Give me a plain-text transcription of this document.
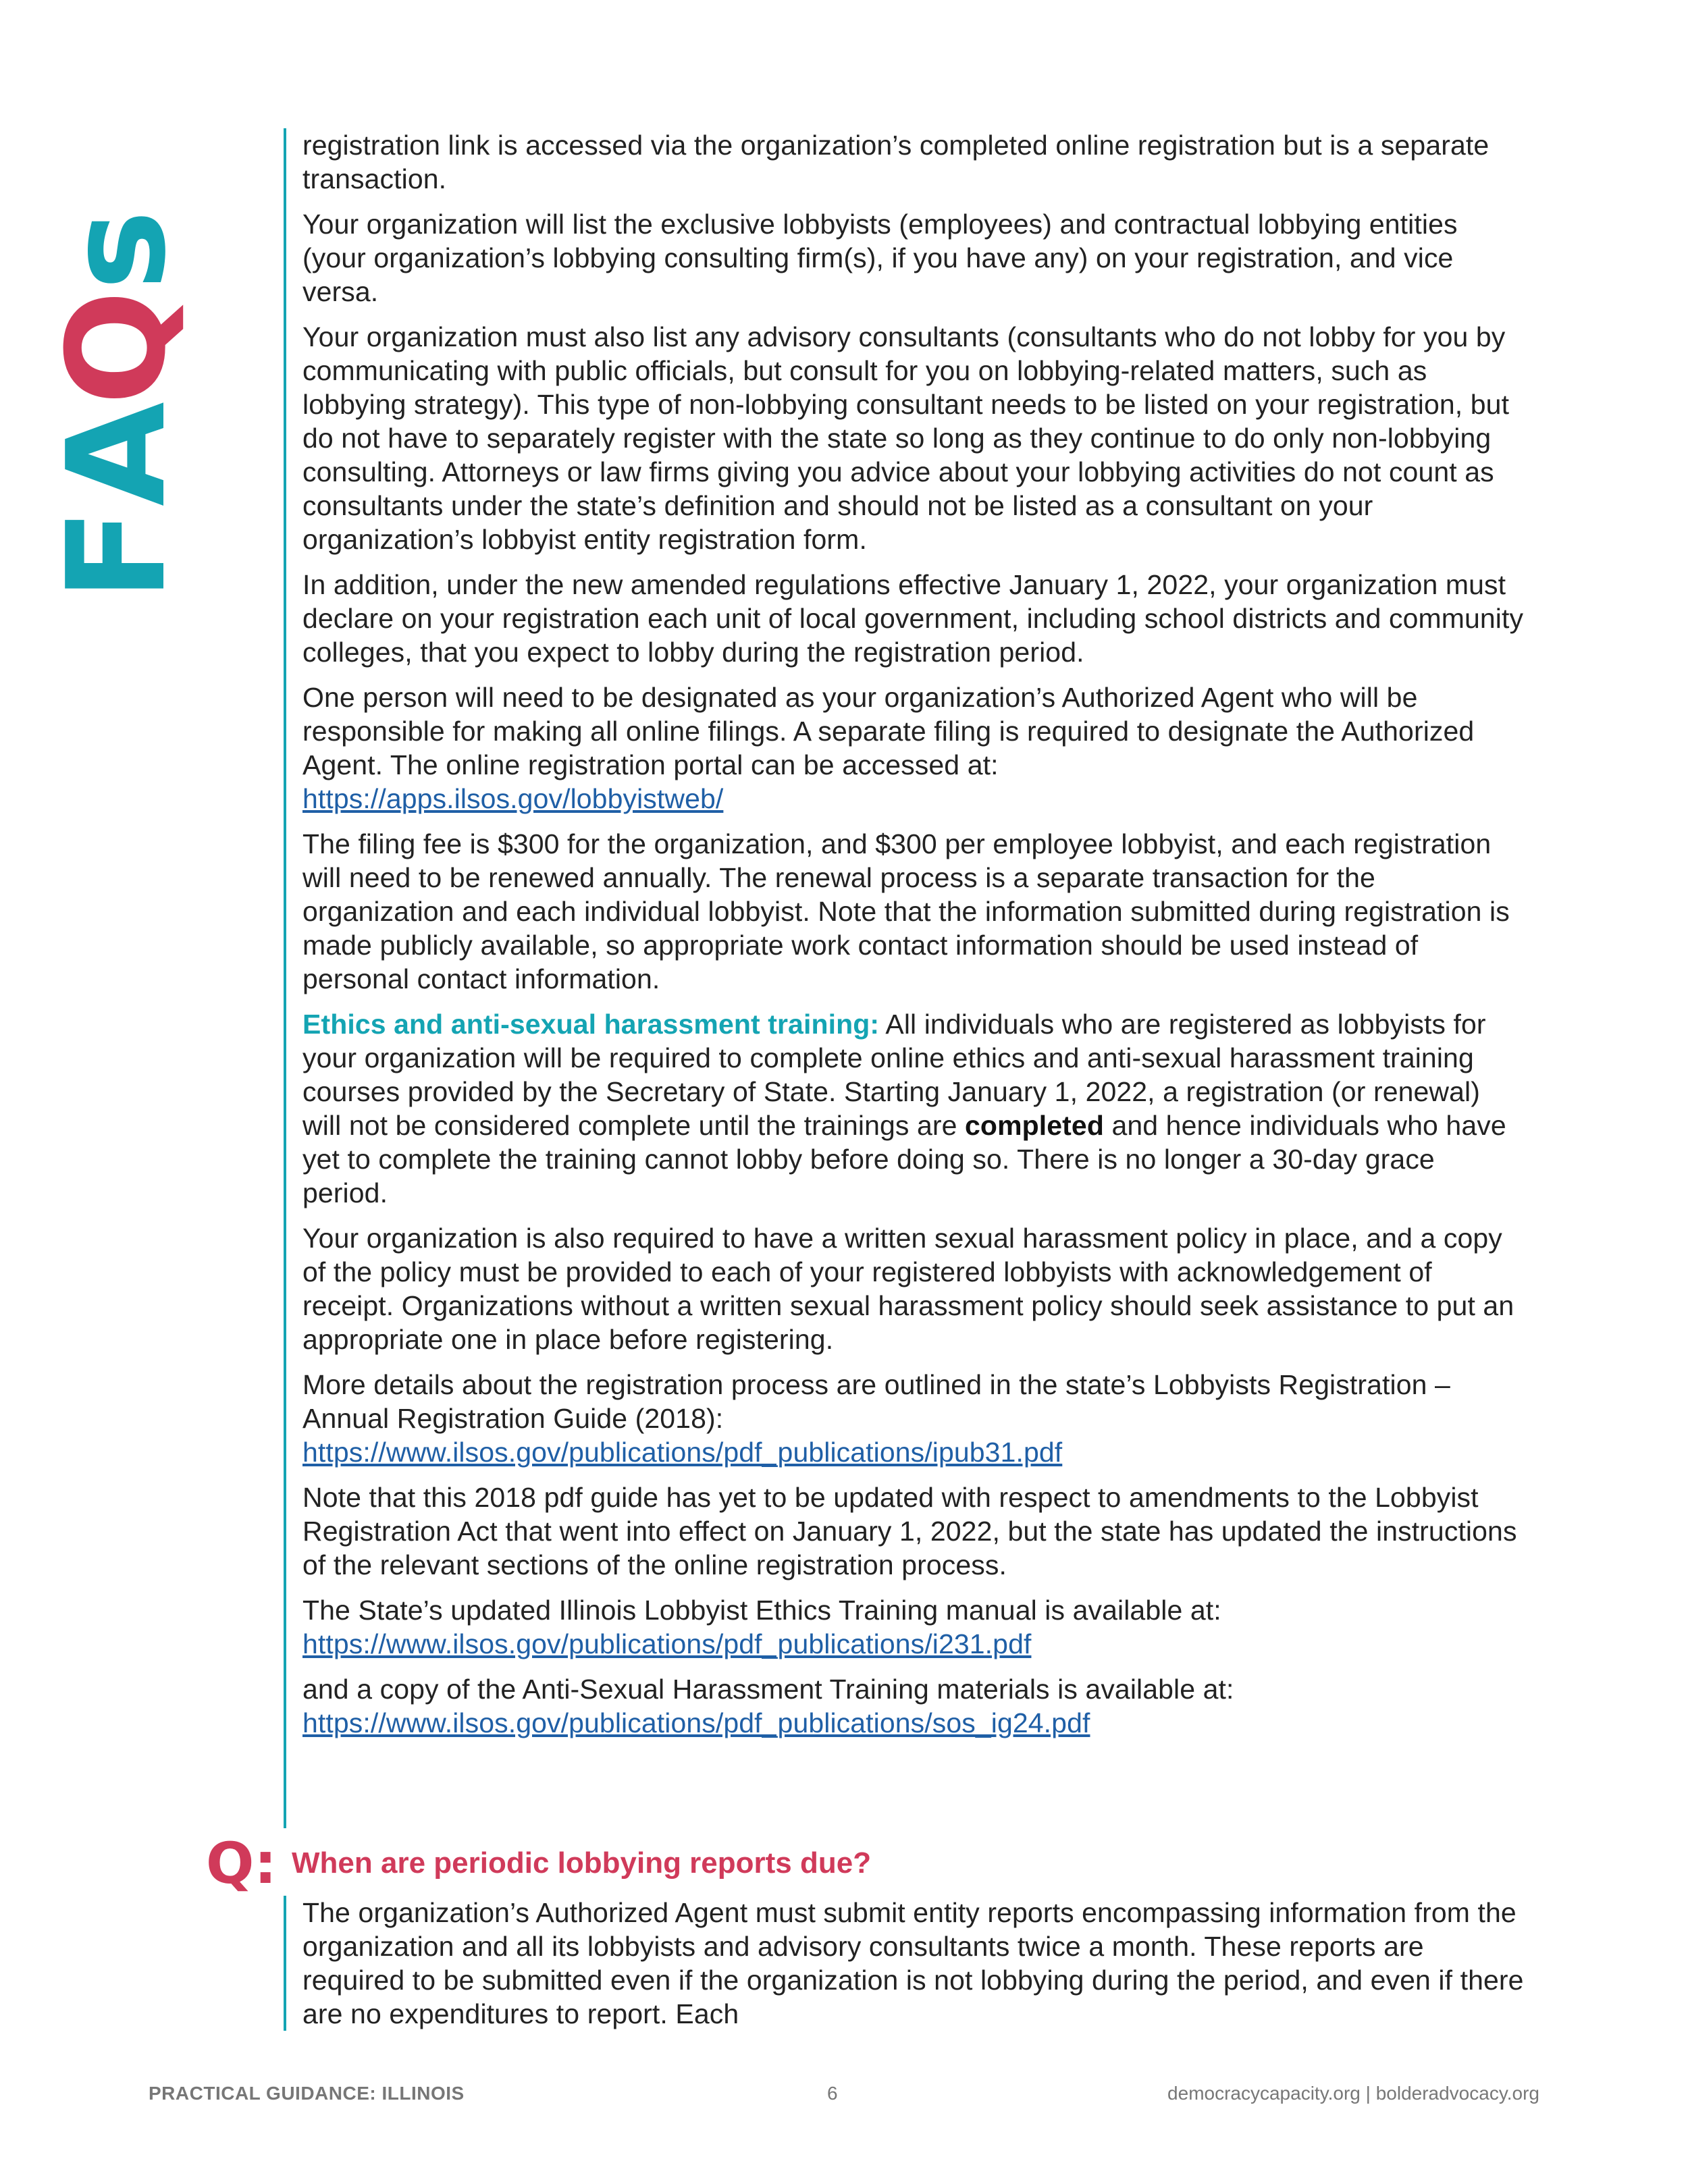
F
A
Q
s

registration link is accessed via the organization’s completed online registration but is a separate transaction.

Your organization will list the exclusive lobbyists (employees) and contractual lobbying entities (your organization’s lobbying consulting firm(s), if you have any) on your registration, and vice versa.

Your organization must also list any advisory consultants (consultants who do not lobby for you by communicating with public officials, but consult for you on lobbying-related matters, such as lobbying strategy). This type of non-lobbying consultant needs to be listed on your registration, but do not have to separately register with the state so long as they continue to do only non-lobbying consulting. Attorneys or law firms giving you advice about your lobbying activities do not count as consultants under the state’s definition and should not be listed as a consultant on your organization’s lobbyist entity registration form.

In addition, under the new amended regulations effective January 1, 2022, your organization must declare on your registration each unit of local government, including school districts and community colleges, that you expect to lobby during the registration period.

One person will need to be designated as your organization’s Authorized Agent who will be responsible for making all online filings. A separate filing is required to designate the Authorized Agent. The online registration portal can be accessed at:
https://apps.ilsos.gov/lobbyistweb/

The filing fee is $300 for the organization, and $300 per employee lobbyist, and each registration will need to be renewed annually. The renewal process is a separate transaction for the organization and each individual lobbyist. Note that the information submitted during registration is made publicly available, so appropriate work contact information should be used instead of personal contact information.

Ethics and anti-sexual harassment training: All individuals who are registered as lobbyists for your organization will be required to complete online ethics and anti-sexual harassment training courses provided by the Secretary of State. Starting January 1, 2022, a registration (or renewal) will not be considered complete until the trainings are completed and hence individuals who have yet to complete the training cannot lobby before doing so. There is no longer a 30-day grace period.

Your organization is also required to have a written sexual harassment policy in place, and a copy of the policy must be provided to each of your registered lobbyists with acknowledgement of receipt. Organizations without a written sexual harassment policy should seek assistance to put an appropriate one in place before registering.

More details about the registration process are outlined in the state’s Lobbyists Registration – Annual Registration Guide (2018):
https://www.ilsos.gov/publications/pdf_publications/ipub31.pdf

Note that this 2018 pdf guide has yet to be updated with respect to amendments to the Lobbyist Registration Act that went into effect on January 1, 2022, but the state has updated the instructions of the relevant sections of the online registration process.

The State’s updated Illinois Lobbyist Ethics Training manual is available at:
https://www.ilsos.gov/publications/pdf_publications/i231.pdf

and a copy of the Anti-Sexual Harassment Training materials is available at:
https://www.ilsos.gov/publications/pdf_publications/sos_ig24.pdf

Q: When are periodic lobbying reports due?

The organization’s Authorized Agent must submit entity reports encompassing information from the organization and all its lobbyists and advisory consultants twice a month. These reports are required to be submitted even if the organization is not lobbying during the period, and even if there are no expenditures to report. Each

PRACTICAL GUIDANCE: ILLINOIS	6	democracycapacity.org | bolderadvocacy.org
